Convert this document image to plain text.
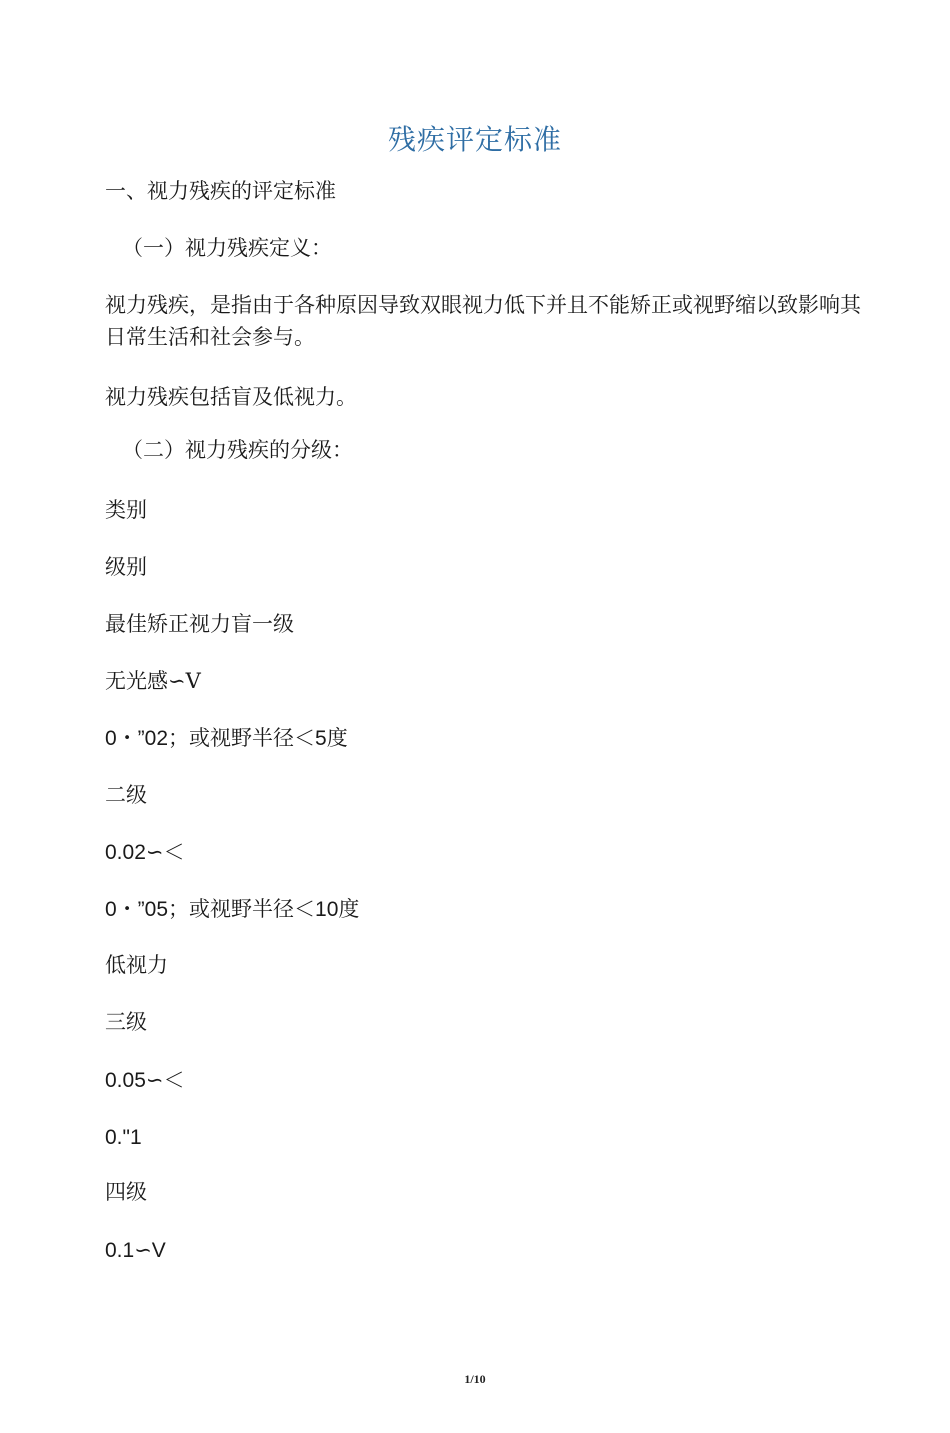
残疾评定标准

一、视力残疾的评定标准

（一）视力残疾定义：

视力残疾，是指由于各种原因导致双眼视力低下并且不能矫正或视野缩以致影响其日常生活和社会参与。

视力残疾包括盲及低视力。

（二）视力残疾的分级：

类别

级别

最佳矫正视力盲一级

无光感∽V

0・”02；或视野半径＜5度

二级

0.02∽＜

0・”05；或视野半径＜10度

低视力

三级

0.05∽＜

0."1

四级

0.1∽V

1/10
